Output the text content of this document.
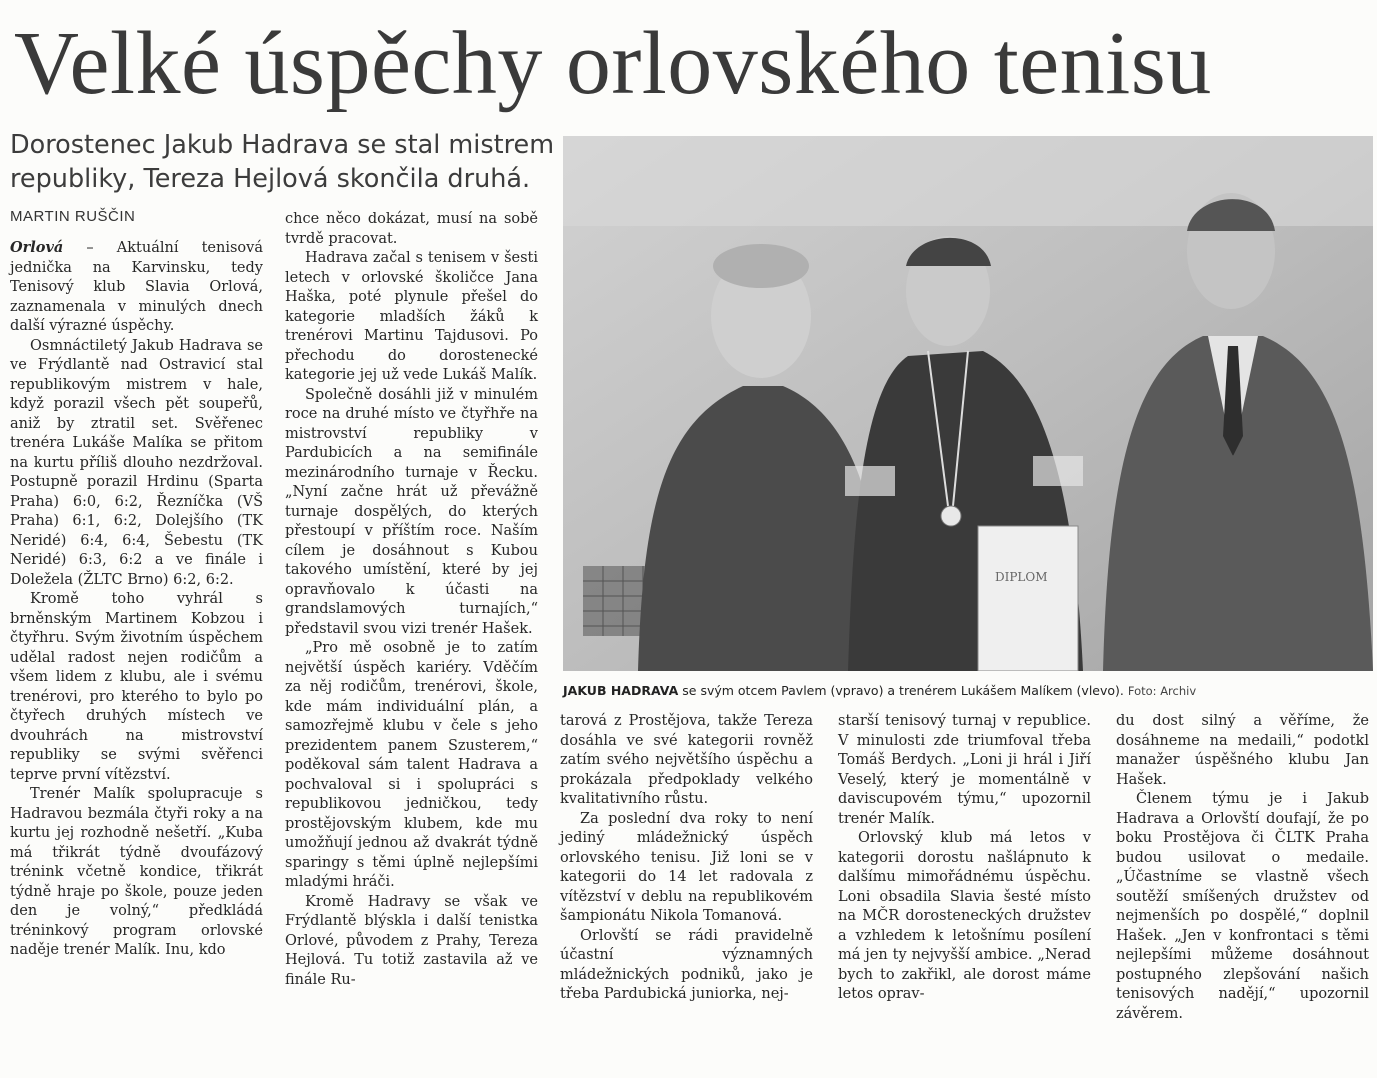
Velké úspěchy orlovského tenisu
Dorostenec Jakub Hadrava se stal mistrem republiky, Tereza Hejlová skončila druhá.
MARTIN RUŠČIN

Orlová – Aktuální tenisová jednička na Karvinsku, tedy Tenisový klub Slavia Orlová, zaznamenala v minulých dnech další výrazné úspěchy.

Osmnáctiletý Jakub Hadrava se ve Frýdlantě nad Ostravicí stal republikovým mistrem v hale, když porazil všech pět soupeřů, aniž by ztratil set. Svěřenec trenéra Lukáše Malíka se přitom na kurtu příliš dlouho nezdržoval. Postupně porazil Hrdinu (Sparta Praha) 6:0, 6:2, Řezníčka (VŠ Praha) 6:1, 6:2, Dolejšího (TK Neridé) 6:4, 6:4, Šebestu (TK Neridé) 6:3, 6:2 a ve finále i Doležela (ŽLTC Brno) 6:2, 6:2.

Kromě toho vyhrál s brněnským Martinem Kobzou i čtyřhru. Svým životním úspěchem udělal radost nejen rodičům a všem lidem z klubu, ale i svému trenérovi, pro kterého to bylo po čtyřech druhých místech ve dvouhrách na mistrovství republiky se svými svěřenci teprve první vítězství.

Trenér Malík spolupracuje s Hadravou bezmála čtyři roky a na kurtu jej rozhodně nešetří. „Kuba má třikrát týdně dvoufázový trénink včetně kondice, třikrát týdně hraje po škole, pouze jeden den je volný,“ předkládá tréninkový program orlovské naděje trenér Malík. Inu, kdo

chce něco dokázat, musí na sobě tvrdě pracovat.

Hadrava začal s tenisem v šesti letech v orlovské školičce Jana Haška, poté plynule přešel do kategorie mladších žáků k trenérovi Martinu Tajdusovi. Po přechodu do dorostenecké kategorie jej už vede Lukáš Malík.

Společně dosáhli již v minulém roce na druhé místo ve čtyřhře na mistrovství republiky v Pardubicích a na semifinále mezinárodního turnaje v Řecku. „Nyní začne hrát už převážně turnaje dospělých, do kterých přestoupí v příštím roce. Naším cílem je dosáhnout s Kubou takového umístění, které by jej opravňovalo k účasti na grandslamových turnajích,“ představil svou vizi trenér Hašek.

„Pro mě osobně je to zatím největší úspěch kariéry. Vděčím za něj rodičům, trenérovi, škole, kde mám individuální plán, a samozřejmě klubu v čele s jeho prezidentem panem Szusterem,“ poděkoval sám talent Hadrava a pochvaloval si i spolupráci s republikovou jedničkou, tedy prostějovským klubem, kde mu umožňují jednou až dvakrát týdně sparingy s těmi úplně nejlepšími mladými hráči.

Kromě Hadravy se však ve Frýdlantě blýskla i další tenistka Orlové, původem z Prahy, Tereza Hejlová. Tu totiž zastavila až ve finále Ru-

DIPLOM
JAKUB HADRAVA se svým otcem Pavlem (vpravo) a trenérem Lukášem Malíkem (vlevo). Foto: Archiv

tarová z Prostějova, takže Tereza dosáhla ve své kategorii rovněž zatím svého největšího úspěchu a prokázala předpoklady velkého kvalitativního růstu.

Za poslední dva roky to není jediný mládežnický úspěch orlovského tenisu. Již loni se v kategorii do 14 let radovala z vítězství v deblu na republikovém šampionátu Nikola Tomanová.

Orlovští se rádi pravidelně účastní významných mládežnických podniků, jako je třeba Pardubická juniorka, nej-

starší tenisový turnaj v republice. V minulosti zde triumfoval třeba Tomáš Berdych. „Loni ji hrál i Jiří Veselý, který je momentálně v daviscupovém týmu,“ upozornil trenér Malík.

Orlovský klub má letos v kategorii dorostu našlápnuto k dalšímu mimořádnému úspěchu. Loni obsadila Slavia šesté místo na MČR dorosteneckých družstev a vzhledem k letošnímu posílení má jen ty nejvyšší ambice. „Nerad bych to zakřikl, ale dorost máme letos oprav-

du dost silný a věříme, že dosáhneme na medaili,“ podotkl manažer úspěšného klubu Jan Hašek.

Členem týmu je i Jakub Hadrava a Orlovští doufají, že po boku Prostějova či ČLTK Praha budou usilovat o medaile. „Účastníme se vlastně všech soutěží smíšených družstev od nejmenších po dospělé,“ doplnil Hašek. „Jen v konfrontaci s těmi nejlepšími můžeme dosáhnout postupného zlepšování našich tenisových nadějí,“ upozornil závěrem.
